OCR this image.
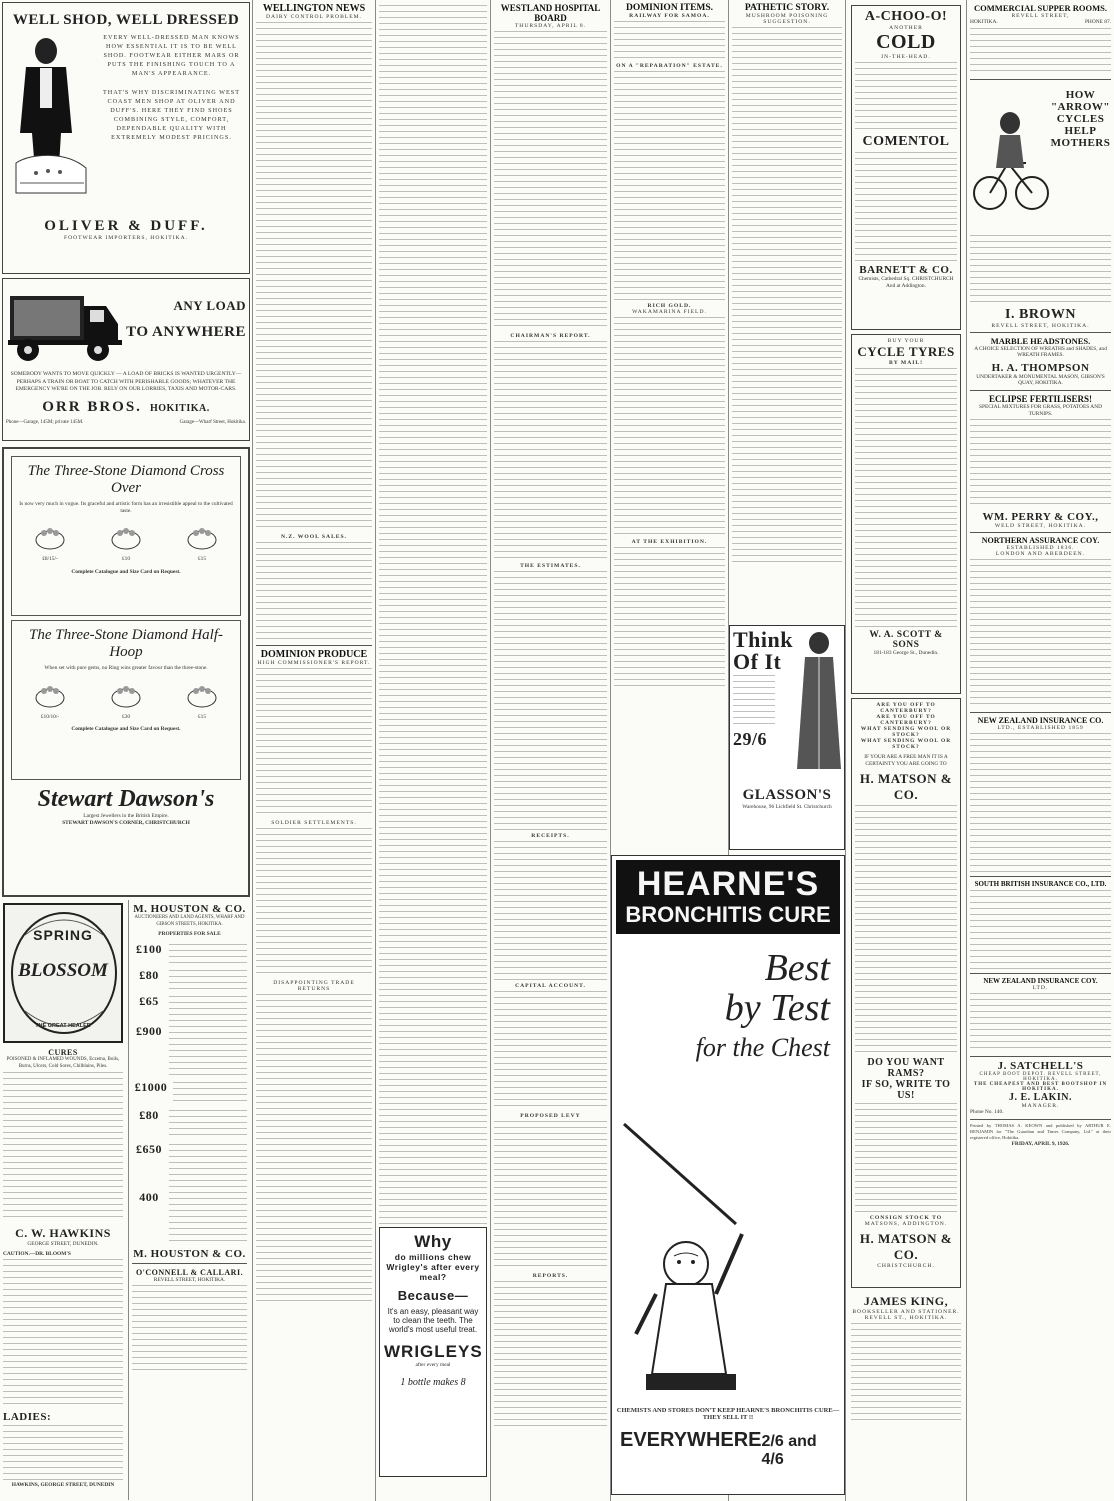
WELL SHOD, WELL DRESSED
EVERY WELL-DRESSED MAN KNOWS HOW ESSENTIAL IT IS TO BE WELL SHOD. FOOTWEAR EITHER MARS OR PUTS THE FINISHING TOUCH TO A MAN'S APPEARANCE.
THAT'S WHY DISCRIMINATING WEST COAST MEN SHOP AT OLIVER AND DUFF'S. HERE THEY FIND SHOES COMBINING STYLE, COMFORT, DEPENDABLE QUALITY WITH EXTREMELY MODEST PRICINGS.
OLIVER & DUFF.
FOOTWEAR IMPORTERS, HOKITIKA.
ANY LOAD
TO ANYWHERE
SOMEBODY WANTS TO MOVE QUICKLY — A LOAD OF BRICKS IS WANTED URGENTLY—PERHAPS A TRAIN OR BOAT TO CATCH WITH PERISHABLE GOODS; WHATEVER THE EMERGENCY WE'RE ON THE JOB. RELY ON OUR LORRIES, TAXIS AND MOTOR-CARS.
ORR BROS. HOKITIKA.
Phone—Garage, 145M; private 145M.	Garage—Wharf Street, Hokitika.
The Three-Stone Diamond Cross Over
Is now very much in vogue. Its graceful and artistic form has an irresistible appeal to the cultivated taste.
£8/15/-	£10	£15
Complete Catalogue and Size Card on Request.
The Three-Stone Diamond Half-Hoop
When set with pure gems, no Ring wins greater favour than the three-stone.
£10/10/-	£30	£15
Complete Catalogue and Size Card on Request.
Stewart Dawson's
Largest Jewellers in the British Empire.
STEWART DAWSON'S CORNER, CHRISTCHURCH
SPRING
BLOSSOM
THE GREAT HEALER
CURES
POISONED & INFLAMED WOUNDS, Eczema, Boils, Burns, Ulcers, Cold Sores, Chilblains, Piles.
C. W. HAWKINS
GEORGE STREET, DUNEDIN.
CAUTION.—DR. BLOOM'S
LADIES:
HAWKINS, GEORGE STREET, DUNEDIN
M. HOUSTON & CO.
AUCTIONEERS AND LAND AGENTS, WHARF AND GIBSON STREETS, HOKITIKA.
PROPERTIES FOR SALE
£100
£80
£65
£900
£1000
£80
£650
400
M. HOUSTON & CO.
O'CONNELL & CALLARI.
REVELL STREET, HOKITIKA.
WELLINGTON NEWS
DAIRY CONTROL PROBLEM.
N.Z. WOOL SALES.
DOMINION PRODUCE
HIGH COMMISSIONER'S REPORT.
SOLDIER SETTLEMENTS.
DISAPPOINTING TRADE RETURNS
Why
do millions chew Wrigley's after every meal?
Because—
It's an easy, pleasant way to clean the teeth. The world's most useful treat.
WRIGLEYS
after every meal
1 bottle makes 8
WESTLAND HOSPITAL BOARD
THURSDAY, APRIL 8.
CHAIRMAN'S REPORT.
THE ESTIMATES.
RECEIPTS.
CAPITAL ACCOUNT.
PROPOSED LEVY
REPORTS.
DOMINION ITEMS.
RAILWAY FOR SAMOA.
ON A "REPARATION" ESTATE.
RICH GOLD.
WAKAMARINA FIELD.
AT THE EXHIBITION.
PATHETIC STORY.
MUSHROOM POISONING SUGGESTION.
Think
Of It
29/6
GLASSON'S
Warehouse, 96 Lichfield St. Christchurch
HEARNE'S
BRONCHITIS CURE
Best
by Test
for the Chest
CHEMISTS AND STORES DON'T KEEP HEARNE'S BRONCHITIS CURE—THEY SELL IT !!
EVERYWHERE 2/6 and 4/6
A-CHOO-O!
ANOTHER
COLD
IN-THE-HEAD.
COMENTOL
BARNETT & CO.
Chemists, Cathedral Sq. CHRISTCHURCH And at Addington.
BUY YOUR
CYCLE TYRES
BY MAIL!
W. A. SCOTT & SONS
181-183 George St., Dunedin.
ARE YOU OFF TO CANTERBURY?
ARE YOU OFF TO CANTERBURY?
WHAT SENDING WOOL OR STOCK?
WHAT SENDING WOOL OR STOCK?
IF YOUR ARE A FREE MAN IT IS A CERTAINTY YOU ARE GOING TO
H. MATSON & CO.
DO YOU WANT RAMS?
IF SO, WRITE TO US!
CONSIGN STOCK TO
MATSONS, ADDINGTON.
H. MATSON & CO.
CHRISTCHURCH.
JAMES KING,
BOOKSELLER AND STATIONER.
REVELL ST., HOKITIKA.
COMMERCIAL SUPPER ROOMS.
REVELL STREET,
HOKITIKA.	PHONE 87.
HOW
"ARROW"
CYCLES
HELP
MOTHERS
I. BROWN
REVELL STREET, HOKITIKA.
MARBLE HEADSTONES.
A CHOICE SELECTION OF WREATHS and SHADES, and WREATH FRAMES.
H. A. THOMPSON
UNDERTAKER & MONUMENTAL MASON, GIBSON'S QUAY, HOKITIKA.
ECLIPSE FERTILISERS!
SPECIAL MIXTURES FOR GRASS, POTATOES AND TURNIPS.
WM. PERRY & COY.,
WELD STREET, HOKITIKA.
NORTHERN ASSURANCE COY.
ESTABLISHED 1836.
LONDON AND ABERDEEN.
NEW ZEALAND INSURANCE CO.
LTD., ESTABLISHED 1859
SOUTH BRITISH INSURANCE CO., LTD.
NEW ZEALAND INSURANCE COY.
LTD.
J. SATCHELL'S
CHEAP BOOT DEPOT. REVELL STREET, HOKITIKA.
THE CHEAPEST AND BEST BOOTSHOP IN HOKITIKA.
J. E. LAKIN.
MANAGER.
Phone No. 140.
Printed by THOMAS A. KEOWN and published by ARTHUR E. BENJAMIN for "The Guardian and Times Company, Ltd." at their registered office, Hokitika.
FRIDAY, APRIL 9, 1926.
